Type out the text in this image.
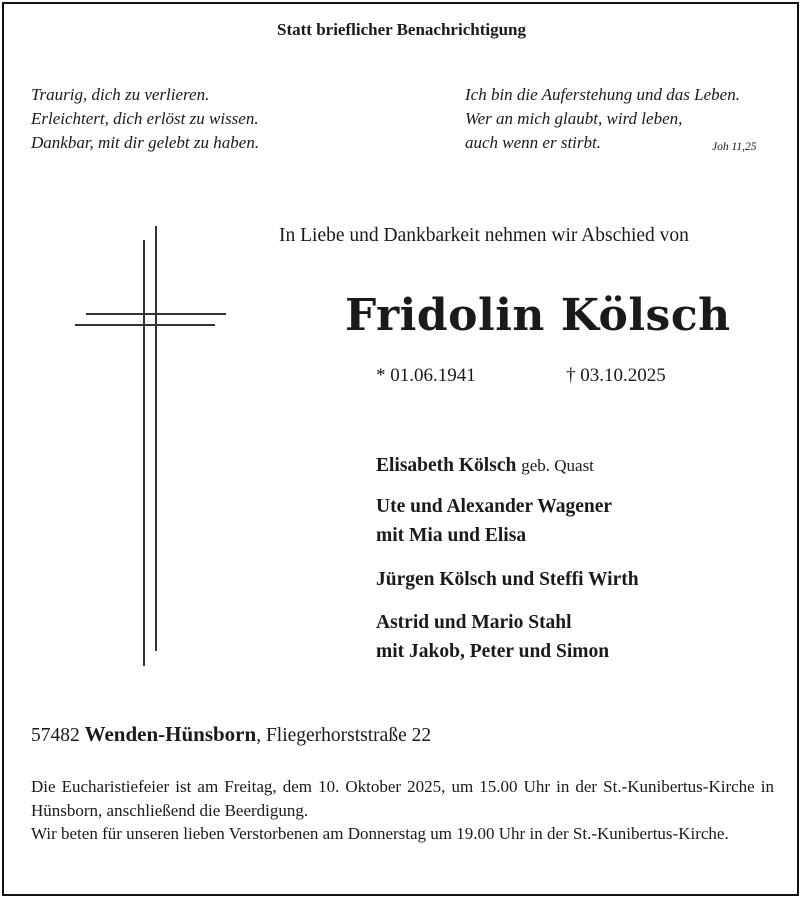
Statt brieflicher Benachrichtigung
Traurig, dich zu verlieren.
Erleichtert, dich erlöst zu wissen.
Dankbar, mit dir gelebt zu haben.
Ich bin die Auferstehung und das Leben.
Wer an mich glaubt, wird leben,
auch wenn er stirbt.	Joh 11,25
In Liebe und Dankbarkeit nehmen wir Abschied von
Fridolin Kölsch
* 01.06.1941	† 03.10.2025
Elisabeth Kölsch geb. Quast
Ute und Alexander Wagener
mit Mia und Elisa
Jürgen Kölsch und Steffi Wirth
Astrid und Mario Stahl
mit Jakob, Peter und Simon
57482 Wenden-Hünsborn, Fliegerhorststraße 22

Die Eucharistiefeier ist am Freitag, dem 10. Oktober 2025, um 15.00 Uhr in der St.-Kunibertus-Kirche in Hünsborn, anschließend die Beerdigung.

Wir beten für unseren lieben Verstorbenen am Donnerstag um 19.00 Uhr in der St.-Kunibertus-Kirche.
